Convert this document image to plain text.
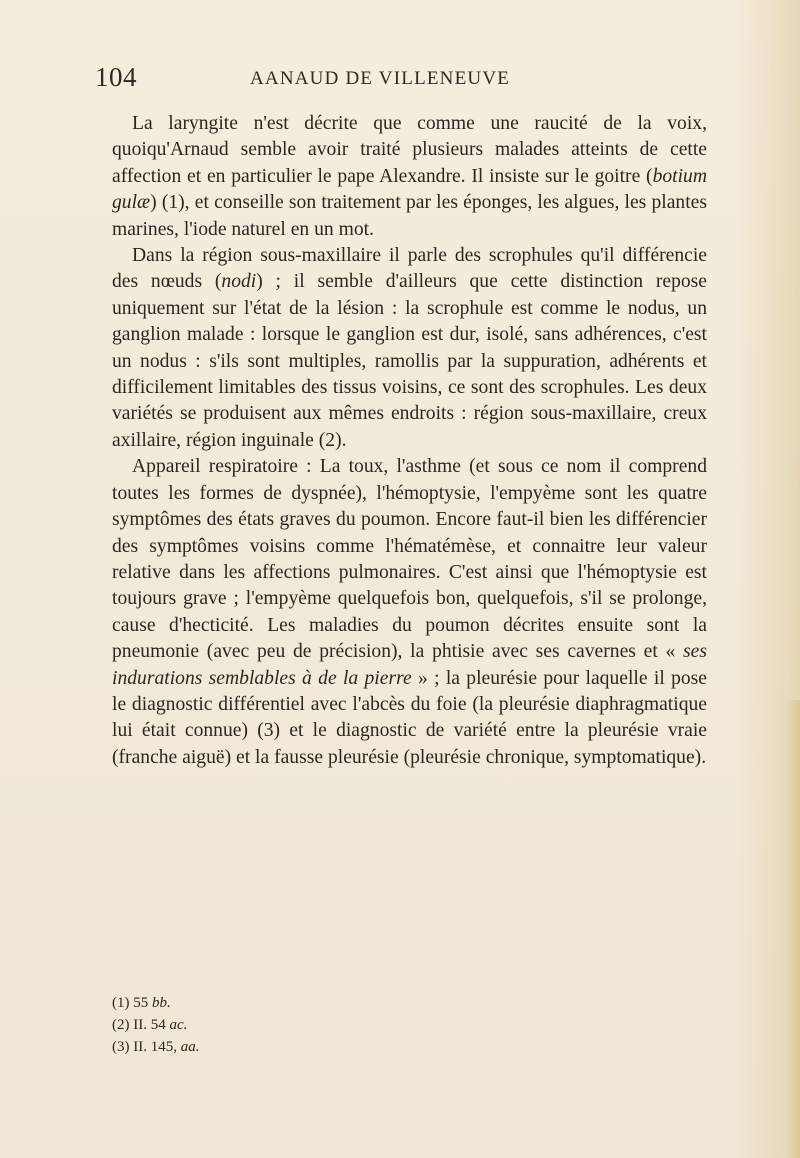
104	AANAUD DE VILLENEUVE

La laryngite n'est décrite que comme une raucité de la voix, quoiqu'Arnaud semble avoir traité plusieurs malades atteints de cette affection et en particulier le pape Alexandre. Il insiste sur le goitre (botium gulæ) (1), et conseille son traitement par les éponges, les algues, les plantes marines, l'iode naturel en un mot.

Dans la région sous-maxillaire il parle des scrophules qu'il différencie des nœuds (nodi) ; il semble d'ailleurs que cette distinction repose uniquement sur l'état de la lésion : la scrophule est comme le nodus, un ganglion malade : lorsque le ganglion est dur, isolé, sans adhérences, c'est un nodus : s'ils sont multiples, ramollis par la suppuration, adhérents et difficilement limitables des tissus voisins, ce sont des scrophules. Les deux variétés se produisent aux mêmes endroits : région sous-maxillaire, creux axillaire, région inguinale (2).

Appareil respiratoire : La toux, l'asthme (et sous ce nom il comprend toutes les formes de dyspnée), l'hémoptysie, l'empyème sont les quatre symptômes des états graves du poumon. Encore faut-il bien les différencier des symptômes voisins comme l'hématémèse, et connaitre leur valeur relative dans les affections pulmonaires. C'est ainsi que l'hémoptysie est toujours grave ; l'empyème quelquefois bon, quelquefois, s'il se prolonge, cause d'hecticité. Les maladies du poumon décrites ensuite sont la pneumonie (avec peu de précision), la phtisie avec ses cavernes et « ses indurations semblables à de la pierre » ; la pleurésie pour laquelle il pose le diagnostic différentiel avec l'abcès du foie (la pleurésie diaphragmatique lui était connue) (3) et le diagnostic de variété entre la pleurésie vraie (franche aiguë) et la fausse pleurésie (pleurésie chronique, symptomatique).

(1) 55 bb.
(2) II. 54 ac.
(3) II. 145, aa.
